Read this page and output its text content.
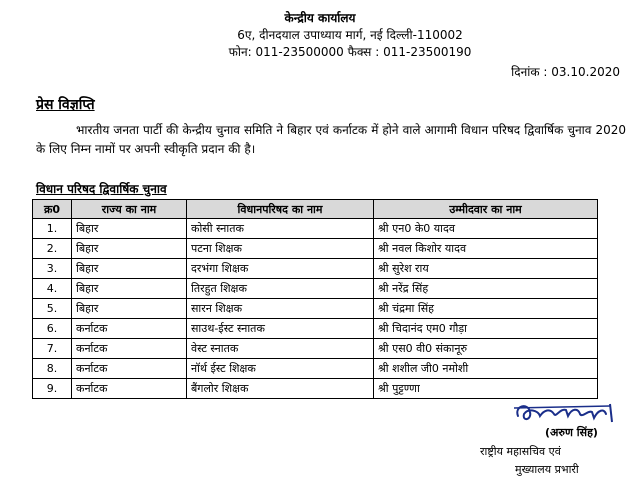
केन्द्रीय कार्यालय
6ए, दीनदयाल उपाध्याय मार्ग, नई दिल्ली-110002
फोन: 011-23500000 फैक्स : 011-23500190
दिनांक : 03.10.2020
प्रेस विज्ञप्ति
भारतीय जनता पार्टी की केन्द्रीय चुनाव समिति ने बिहार एवं कर्नाटक में होने वाले आगामी विधान परिषद द्विवार्षिक चुनाव 2020 के लिए निम्न नामों पर अपनी स्वीकृति प्रदान की है।
विधान परिषद द्विवार्षिक चुनाव
क्र0	राज्य का नाम	विधानपरिषद का नाम	उम्मीदवार का नाम
1.	बिहार	कोसी स्नातक	श्री एन0 के0 यादव
2.	बिहार	पटना शिक्षक	श्री नवल किशोर यादव
3.	बिहार	दरभंगा शिक्षक	श्री सुरेश राय
4.	बिहार	तिरहुत शिक्षक	श्री नरेंद्र सिंह
5.	बिहार	सारन शिक्षक	श्री चंद्रमा सिंह
6.	कर्नाटक	साउथ-ईस्ट स्नातक	श्री चिदानंद एम0 गौड़ा
7.	कर्नाटक	वेस्ट स्नातक	श्री एस0 वी0 संकानूरु
8.	कर्नाटक	नॉर्थ ईस्ट शिक्षक	श्री शशील जी0 नमोशी
9.	कर्नाटक	बैंगलोर शिक्षक	श्री पुट्टण्णा
(अरुण सिंह)
राष्ट्रीय महासचिव एवं
मुख्यालय प्रभारी
